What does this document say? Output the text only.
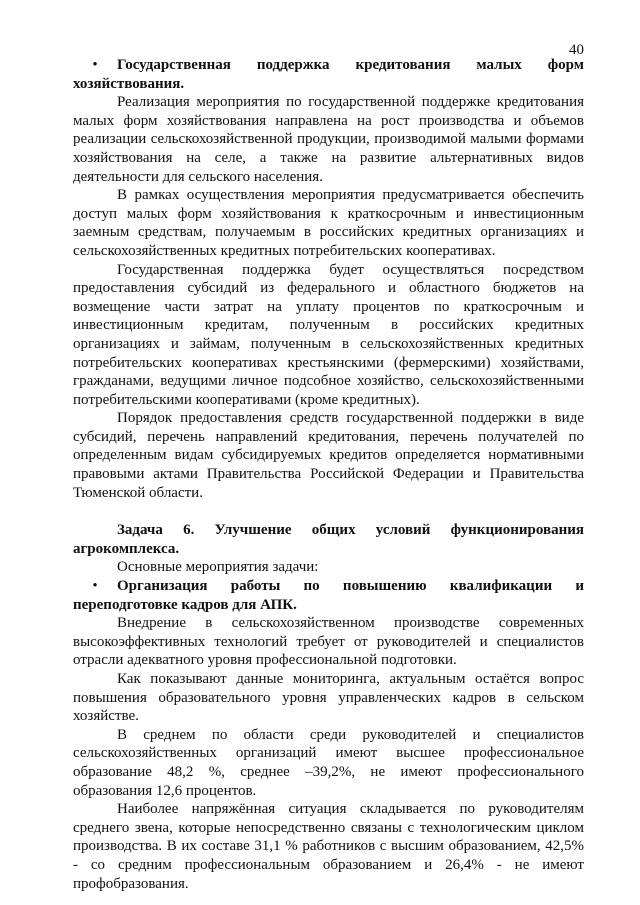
40

• Государственная поддержка кредитования малых форм хозяйствования.

Реализация мероприятия по государственной поддержке кредитования малых форм хозяйствования направлена на рост производства и объемов реализации сельскохозяйственной продукции, производимой малыми формами хозяйствования на селе, а также на развитие альтернативных видов деятельности для сельского населения.

В рамках осуществления мероприятия предусматривается обеспечить доступ малых форм хозяйствования к краткосрочным и инвестиционным заемным средствам, получаемым в российских кредитных организациях и сельскохозяйственных кредитных потребительских кооперативах.

Государственная поддержка будет осуществляться посредством предоставления субсидий из федерального и областного бюджетов на возмещение части затрат на уплату процентов по краткосрочным и инвестиционным кредитам, полученным в российских кредитных организациях и займам, полученным в сельскохозяйственных кредитных потребительских кооперативах крестьянскими (фермерскими) хозяйствами, гражданами, ведущими личное подсобное хозяйство, сельскохозяйственными потребительскими кооперативами (кроме кредитных).

Порядок предоставления средств государственной поддержки в виде субсидий, перечень направлений кредитования, перечень получателей по определенным видам субсидируемых кредитов определяется нормативными правовыми актами Правительства Российской Федерации и Правительства Тюменской области.

Задача 6. Улучшение общих условий функционирования агрокомплекса.

Основные мероприятия задачи:

• Организация работы по повышению квалификации и переподготовке кадров для АПК.

Внедрение в сельскохозяйственном производстве современных высокоэффективных технологий требует от руководителей и специалистов отрасли адекватного уровня профессиональной подготовки.

Как показывают данные мониторинга, актуальным остаётся вопрос повышения образовательного уровня управленческих кадров в сельском хозяйстве.

В среднем по области среди руководителей и специалистов сельскохозяйственных организаций имеют высшее профессиональное образование 48,2 %, среднее –39,2%, не имеют профессионального образования 12,6 процентов.

Наиболее напряжённая ситуация складывается по руководителям среднего звена, которые непосредственно связаны с технологическим циклом производства. В их составе 31,1 % работников с высшим образованием, 42,5% - со средним профессиональным образованием и 26,4% - не имеют профобразования.
